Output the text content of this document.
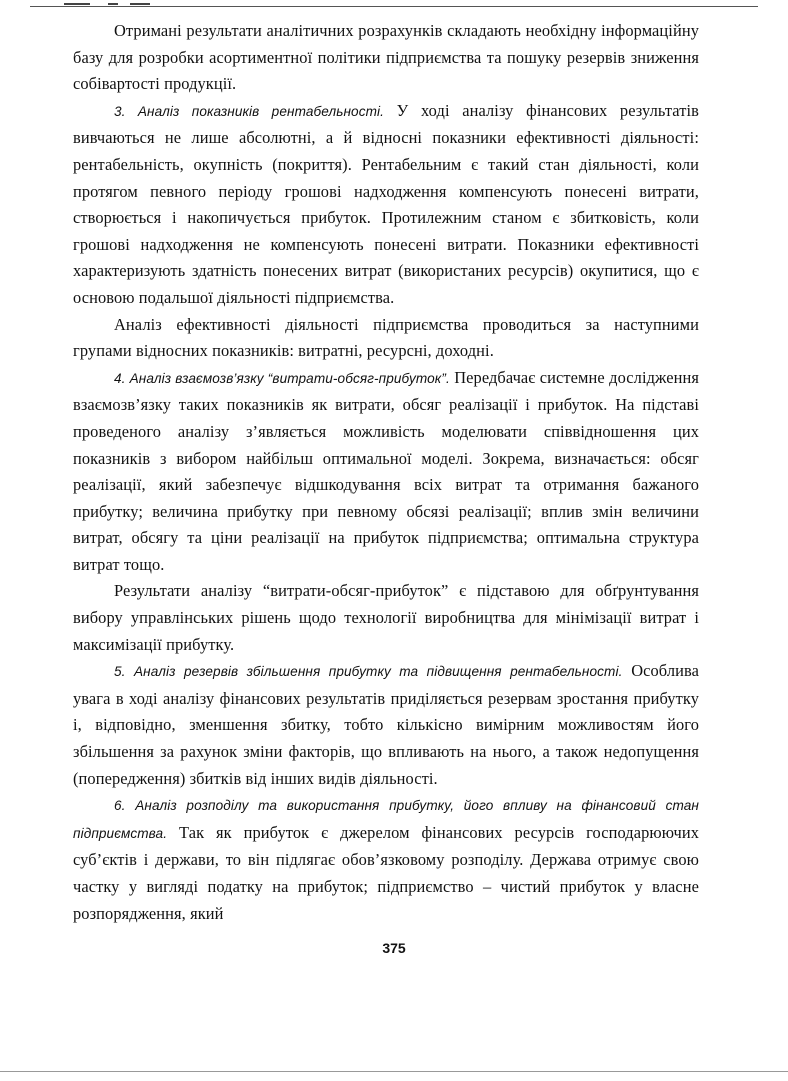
Отримані результати аналітичних розрахунків складають необхідну інформаційну базу для розробки асортиментної політики підприємства та пошуку резервів зниження собівартості продукції.

3. Аналіз показників рентабельності. У ході аналізу фінансових результатів вивчаються не лише абсолютні, а й відносні показники ефективності діяльності: рентабельність, окупність (покриття). Рентабельним є такий стан діяльності, коли протягом певного періоду грошові надходження компенсують понесені витрати, створюється і накопичується прибуток. Протилежним станом є збитковість, коли грошові надходження не компенсують понесені витрати. Показники ефективності характеризують здатність понесених витрат (використаних ресурсів) окупитися, що є основою подальшої діяльності підприємства.

Аналіз ефективності діяльності підприємства проводиться за наступними групами відносних показників: витратні, ресурсні, доходні.

4. Аналіз взаємозв’язку “витрати-обсяг-прибуток”. Передбачає системне дослідження взаємозв’язку таких показників як витрати, обсяг реалізації і прибуток. На підставі проведеного аналізу з’являється можливість моделювати співвідношення цих показників з вибором найбільш оптимальної моделі. Зокрема, визначається: обсяг реалізації, який забезпечує відшкодування всіх витрат та отримання бажаного прибутку; величина прибутку при певному обсязі реалізації; вплив змін величини витрат, обсягу та ціни реалізації на прибуток підприємства; оптимальна структура витрат тощо.

Результати аналізу “витрати-обсяг-прибуток” є підставою для обґрунтування вибору управлінських рішень щодо технології виробництва для мінімізації витрат і максимізації прибутку.

5. Аналіз резервів збільшення прибутку та підвищення рентабельності. Особлива увага в ході аналізу фінансових результатів приділяється резервам зростання прибутку і, відповідно, зменшення збитку, тобто кількісно вимірним можливостям його збільшення за рахунок зміни факторів, що впливають на нього, а також недопущення (попередження) збитків від інших видів діяльності.

6. Аналіз розподілу та використання прибутку, його впливу на фінансовий стан підприємства. Так як прибуток є джерелом фінансових ресурсів господарюючих суб’єктів і держави, то він підлягає обов’язковому розподілу. Держава отримує свою частку у вигляді податку на прибуток; підприємство – чистий прибуток у власне розпорядження, який

375
